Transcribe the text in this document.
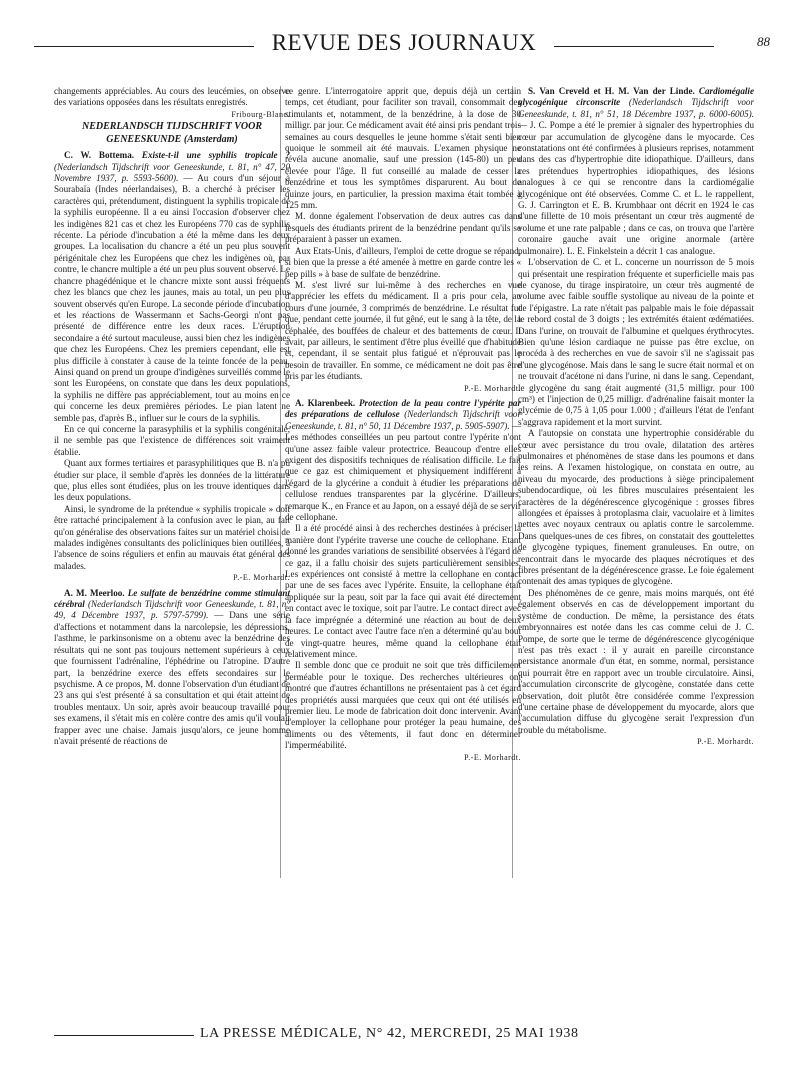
REVUE DES JOURNAUX	88

changements appréciables. Au cours des leucémies, on observe des variations opposées dans les résultats enregistrés.

Fribourg-Blanc.

NEDERLANDSCH TIJDSCHRIFT VOOR GENEESKUNDE (Amsterdam)

C. W. Bottema. Existe-t-il une syphilis tropicale ? (Nederlandsch Tijdschrift voor Geneeskunde, t. 81, n° 47, 20 Novembre 1937, p. 5593-5600). — Au cours d'un séjour à Sourabaïa (Indes néerlandaises), B. a cherché à préciser les caractères qui, prétendument, distinguent la syphilis tropicale de la syphilis européenne. Il a eu ainsi l'occasion d'observer chez les indigènes 821 cas et chez les Européens 770 cas de syphilis récente. La période d'incubation a été la même dans les deux groupes. La localisation du chancre a été un peu plus souvent périgénitale chez les Européens que chez les indigènes où, par contre, le chancre multiple a été un peu plus souvent observé. Le chancre phagédénique et le chancre mixte sont aussi fréquents chez les blancs que chez les jaunes, mais au total, un peu plus souvent observés qu'en Europe. La seconde période d'incubation et les réactions de Wassermann et Sachs-Georgi n'ont pas présenté de différence entre les deux races. L'éruption secondaire a été surtout maculeuse, aussi bien chez les indigènes que chez les Européens. Chez les premiers cependant, elle est plus difficile à constater à cause de la teinte foncée de la peau. Ainsi quand on prend un groupe d'indigènes surveillés comme le sont les Européens, on constate que dans les deux populations, la syphilis ne diffère pas appréciablement, tout au moins en ce qui concerne les deux premières périodes. Le pian latent ne semble pas, d'après B., influer sur le cours de la syphilis.

En ce qui concerne la parasyphilis et la syphilis congénitale, il ne semble pas que l'existence de différences soit vraiment établie.

Quant aux formes tertiaires et parasyphilitiques que B. n'a pu étudier sur place, il semble d'après les données de la littérature que, plus elles sont étudiées, plus on les trouve identiques dans les deux populations.

Ainsi, le syndrome de la prétendue « syphilis tropicale » doit être rattaché principalement à la confusion avec le pian, au fait qu'on généralise des observations faites sur un matériel choisi de malades indigènes consultants des policliniques bien outillées, à l'absence de soins réguliers et enfin au mauvais état général des malades.

P.-E. Morhardt.

A. M. Meerloo. Le sulfate de benzédrine comme stimulant cérébral (Nederlandsch Tijdschrift voor Geneeskunde, t. 81, n° 49, 4 Décembre 1937, p. 5797-5799). — Dans une série d'affections et notamment dans la narcolepsie, les dépressions, l'asthme, le parkinsonisme on a obtenu avec la benzédrine des résultats qui ne sont pas toujours nettement supérieurs à ceux que fournissent l'adrénaline, l'éphédrine ou l'atropine. D'autre part, la benzédrine exerce des effets secondaires sur le psychisme. A ce propos, M. donne l'observation d'un étudiant de 23 ans qui s'est présenté à sa consultation et qui était atteint de troubles mentaux. Un soir, après avoir beaucoup travaillé pour ses examens, il s'était mis en colère contre des amis qu'il voulait frapper avec une chaise. Jamais jusqu'alors, ce jeune homme n'avait présenté de réactions de

ce genre. L'interrogatoire apprit que, depuis déjà un certain temps, cet étudiant, pour faciliter son travail, consommait des stimulants et, notamment, de la benzédrine, à la dose de 30 milligr. par jour. Ce médicament avait été ainsi pris pendant trois semaines au cours desquelles le jeune homme s'était senti bien quoique le sommeil ait été mauvais. L'examen physique ne révéla aucune anomalie, sauf une pression (145-80) un peu élevée pour l'âge. Il fut conseillé au malade de cesser la benzédrine et tous les symptômes disparurent. Au bout de quinze jours, en particulier, la pression maxima était tombée à 125 mm.

M. donne également l'observation de deux autres cas dans lesquels des étudiants prirent de la benzédrine pendant qu'ils se préparaient à passer un examen.

Aux Etats-Unis, d'ailleurs, l'emploi de cette drogue se répand, si bien que la presse a été amenée à mettre en garde contre les « pep pills » à base de sulfate de benzédrine.

M. s'est livré sur lui-même à des recherches en vue d'apprécier les effets du médicament. Il a pris pour cela, au cours d'une journée, 3 comprimés de benzédrine. Le résultat fut que, pendant cette journée, il fut gêné, eut le sang à la tête, de la céphalée, des bouffées de chaleur et des battements de cœur. Il avait, par ailleurs, le sentiment d'être plus éveillé que d'habitude et, cependant, il se sentait plus fatigué et n'éprouvait pas le besoin de travailler. En somme, ce médicament ne doit pas être pris par les étudiants.

P.-E. Morhardt.

A. Klarenbeek. Protection de la peau contre l'ypérite par des préparations de cellulose (Nederlandsch Tijdschrift voor Geneeskunde, t. 81, n° 50, 11 Décembre 1937, p. 5905-5907). — Les méthodes conseillées un peu partout contre l'ypérite n'ont qu'une assez faible valeur protectrice. Beaucoup d'entre elles exigent des dispositifs techniques de réalisation difficile. Le fait que ce gaz est chimiquement et physiquement indifférent à l'égard de la glycérine a conduit à étudier les préparations de cellulose rendues transparentes par la glycérine. D'ailleurs, remarque K., en France et au Japon, on a essayé déjà de se servir de cellophane.

Il a été procédé ainsi à des recherches destinées à préciser la manière dont l'ypérite traverse une couche de cellophane. Etant donné les grandes variations de sensibilité observées à l'égard de ce gaz, il a fallu choisir des sujets particulièrement sensibles. Les expériences ont consisté à mettre la cellophane en contact par une de ses faces avec l'ypérite. Ensuite, la cellophane était appliquée sur la peau, soit par la face qui avait été directement en contact avec le toxique, soit par l'autre. Le contact direct avec la face imprégnée a déterminé une réaction au bout de deux heures. Le contact avec l'autre face n'en a déterminé qu'au bout de vingt-quatre heures, même quand la cellophane était relativement mince.

Il semble donc que ce produit ne soit que très difficilement perméable pour le toxique. Des recherches ultérieures ont montré que d'autres échantillons ne présentaient pas à cet égard des propriétés aussi marquées que ceux qui ont été utilisés en premier lieu. Le mode de fabrication doit donc intervenir. Avant d'employer la cellophane pour protéger la peau humaine, des aliments ou des vêtements, il faut donc en déterminer l'imperméabilité.

P.-E. Morhardt.

S. Van Creveld et H. M. Van der Linde. Cardiomégalie glycogénique circonscrite (Nederlandsch Tijdschrift voor Geneeskunde, t. 81, n° 51, 18 Décembre 1937, p. 6000-6005). — J. C. Pompe a été le premier à signaler des hypertrophies du cœur par accumulation de glycogène dans le myocarde. Ces constatations ont été confirmées à plusieurs reprises, notamment dans des cas d'hypertrophie dite idiopathique. D'ailleurs, dans ces prétendues hypertrophies idiopathiques, des lésions analogues à ce qui se rencontre dans la cardiomégalie glycogénique ont été observées. Comme C. et L. le rappellent, G. J. Carrington et E. B. Krumbhaar ont décrit en 1924 le cas d'une fillette de 10 mois présentant un cœur très augmenté de volume et une rate palpable ; dans ce cas, on trouva que l'artère coronaire gauche avait une origine anormale (artère pulmonaire). L. E. Finkelstein a décrit 1 cas analogue.

L'observation de C. et L. concerne un nourrisson de 5 mois qui présentait une respiration fréquente et superficielle mais pas de cyanose, du tirage inspiratoire, un cœur très augmenté de volume avec faible souffle systolique au niveau de la pointe et de l'épigastre. La rate n'était pas palpable mais le foie dépassait le rebord costal de 3 doigts ; les extrémités étaient œdématiées. Dans l'urine, on trouvait de l'albumine et quelques érythrocytes. Bien qu'une lésion cardiaque ne puisse pas être exclue, on procéda à des recherches en vue de savoir s'il ne s'agissait pas d'une glycogénose. Mais dans le sang le sucre était normal et on ne trouvait d'acétone ni dans l'urine, ni dans le sang. Cependant, le glycogène du sang était augmenté (31,5 milligr. pour 100 cm³) et l'injection de 0,25 milligr. d'adrénaline faisait monter la glycémie de 0,75 à 1,05 pour 1.000 ; d'ailleurs l'état de l'enfant s'aggrava rapidement et la mort survint.

A l'autopsie on constata une hypertrophie considérable du cœur avec persistance du trou ovale, dilatation des artères pulmonaires et phénomènes de stase dans les poumons et dans les reins. A l'examen histologique, on constata en outre, au niveau du myocarde, des productions à siège principalement subendocardique, où les fibres musculaires présentaient les caractères de la dégénérescence glycogénique : grosses fibres allongées et épaisses à protoplasma clair, vacuolaire et à limites nettes avec noyaux centraux ou aplatis contre le sarcolemme. Dans quelques-unes de ces fibres, on constatait des gouttelettes de glycogène typiques, finement granuleuses. En outre, on rencontrait dans le myocarde des plaques nécrotiques et des fibres présentant de la dégénérescence grasse. Le foie également contenait des amas typiques de glycogène.

Des phénomènes de ce genre, mais moins marqués, ont été également observés en cas de développement important du système de conduction. De même, la persistance des états embryonnaires est notée dans les cas comme celui de J. C. Pompe, de sorte que le terme de dégénérescence glycogénique n'est pas très exact : il y aurait en pareille circonstance persistance anormale d'un état, en somme, normal, persistance qui pourrait être en rapport avec un trouble circulatoire. Ainsi, l'accumulation circonscrite de glycogène, constatée dans cette observation, doit plutôt être considérée comme l'expression d'une certaine phase de développement du myocarde, alors que l'accumulation diffuse du glycogène serait l'expression d'un trouble du métabolisme.

P.-E. Morhardt.

LA PRESSE MÉDICALE, N° 42, MERCREDI, 25 MAI 1938
